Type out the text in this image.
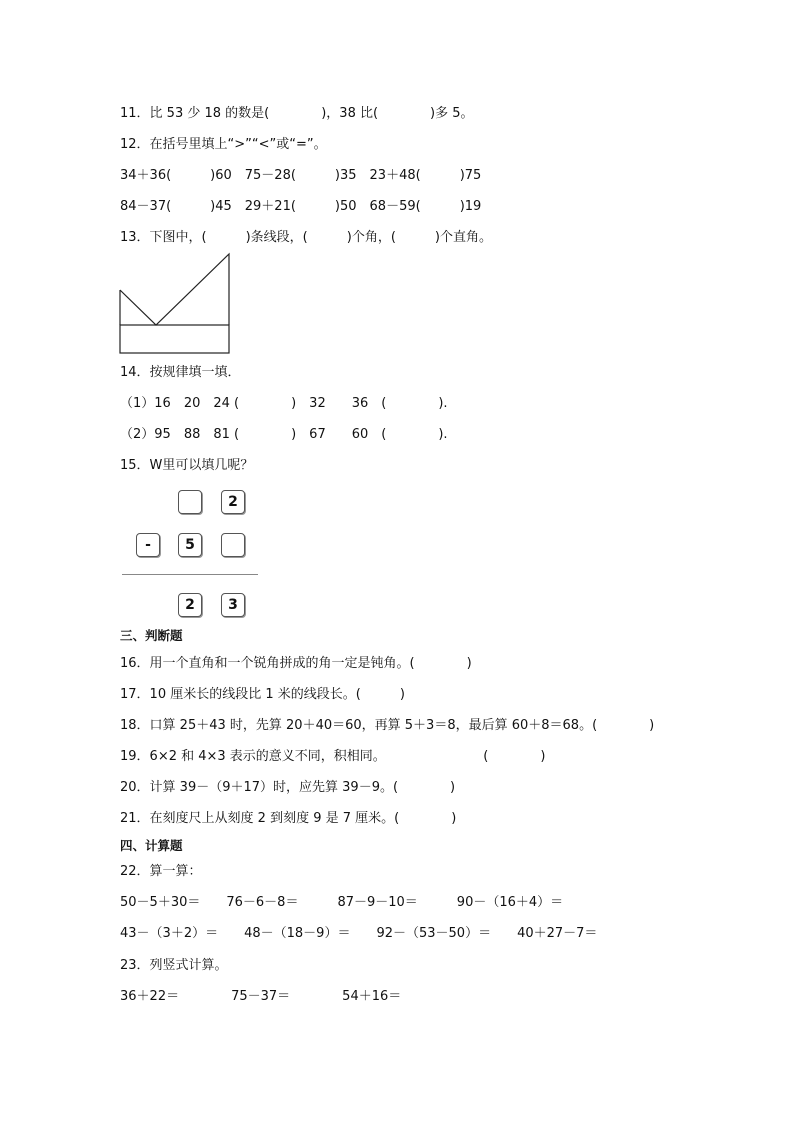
11．比 53 少 18 的数是(　　　　)，38 比(　　　　)多 5。
12．在括号里填上“>”“<”或“=”。
34＋36(　　　)60　75－28(　　　)35　23＋48(　　　)75
84－37(　　　)45　29＋21(　　　)50　68－59(　　　)19
13．下图中，(　　　)条线段，(　　　)个角，(　　　)个直角。
14．按规律填一填．
（1）16　20　24 (　　　　)　32　　36　(　　　　).
（2）95　88　81 (　　　　)　67　　60　(　　　　).
15．W里可以填几呢？
2
-	5
2	3
三、判断题
16．用一个直角和一个锐角拼成的角一定是钝角。(　　　　)
17．10 厘米长的线段比 1 米的线段长。(　　　)
18．口算 25＋43 时，先算 20＋40＝60，再算 5＋3＝8，最后算 60＋8＝68。(　　　　)
19．6×2 和 4×3 表示的意义不同，积相同。　　　　　　　　(　　　　)
20．计算 39－（9＋17）时，应先算 39－9。(　　　　)
21．在刻度尺上从刻度 2 到刻度 9 是 7 厘米。(　　　　)
四、计算题
22．算一算：
50－5＋30＝　　76－6－8＝　　　87－9－10＝　　　90－（16＋4）＝
43－（3＋2）＝　　48－（18－9）＝　　92－（53－50）＝　　40＋27－7＝
23．列竖式计算。
36＋22＝　　　　75－37＝　　　　54＋16＝
